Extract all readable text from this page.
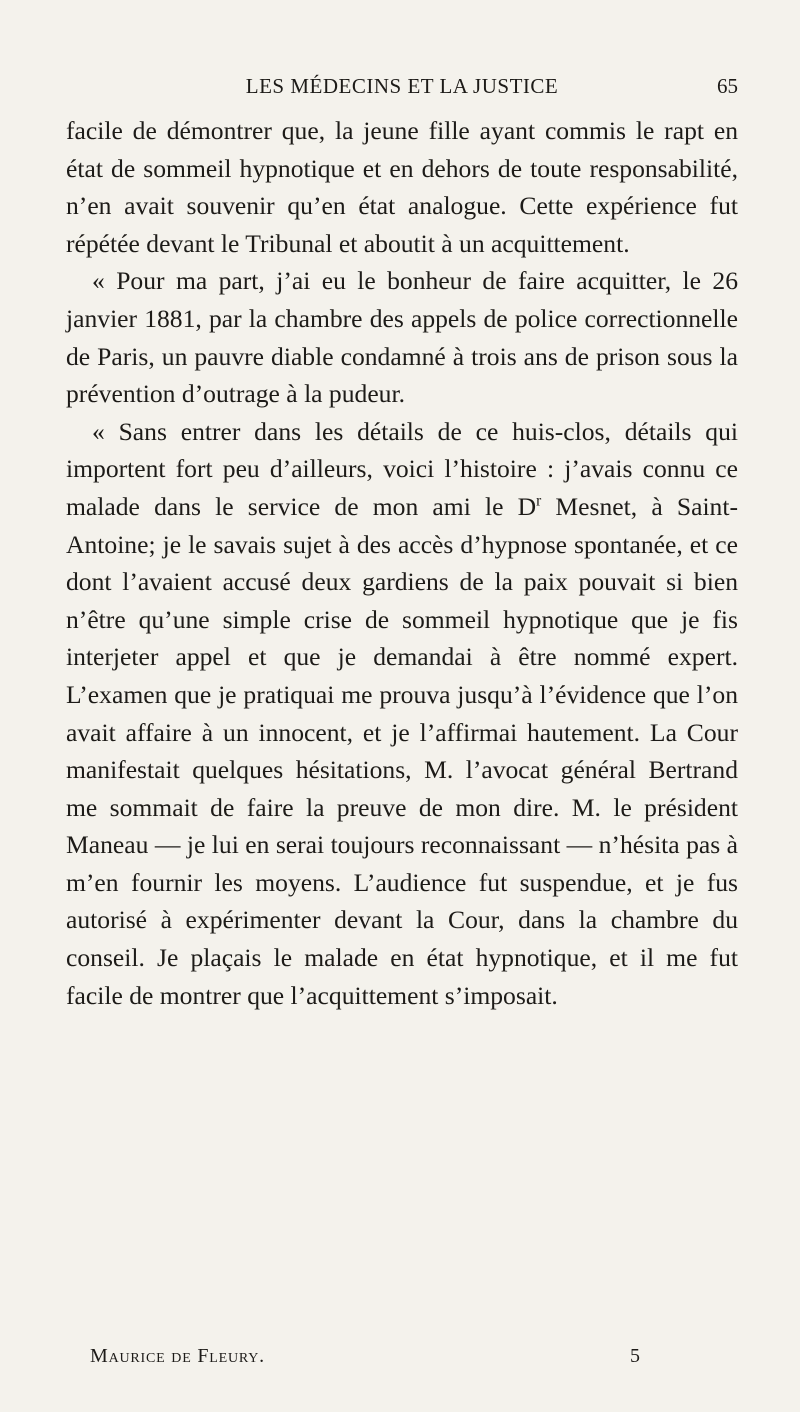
LES MÉDECINS ET LA JUSTICE	65

facile de démontrer que, la jeune fille ayant commis le rapt en état de sommeil hypnotique et en dehors de toute responsabilité, n’en avait souvenir qu’en état analogue. Cette expérience fut répétée devant le Tribunal et aboutit à un acquittement.

« Pour ma part, j’ai eu le bonheur de faire acquitter, le 26 janvier 1881, par la chambre des appels de police correctionnelle de Paris, un pauvre diable condamné à trois ans de prison sous la prévention d’outrage à la pudeur.

« Sans entrer dans les détails de ce huis-clos, détails qui importent fort peu d’ailleurs, voici l’histoire : j’avais connu ce malade dans le service de mon ami le $D^r$ Mesnet, à Saint-Antoine; je le savais sujet à des accès d’hypnose spontanée, et ce dont l’avaient accusé deux gardiens de la paix pouvait si bien n’être qu’une simple crise de sommeil hypnotique que je fis interjeter appel et que je demandai à être nommé expert. L’examen que je pratiquai me prouva jusqu’à l’évidence que l’on avait affaire à un innocent, et je l’affirmai hautement. La Cour manifestait quelques hésitations, M. l’avocat général Bertrand me sommait de faire la preuve de mon dire. M. le président Maneau — je lui en serai toujours reconnaissant — n’hésita pas à m’en fournir les moyens. L’audience fut suspendue, et je fus autorisé à expérimenter devant la Cour, dans la chambre du conseil. Je plaçais le malade en état hypnotique, et il me fut facile de montrer que l’acquittement s’imposait.

Maurice de Fleury.	5
